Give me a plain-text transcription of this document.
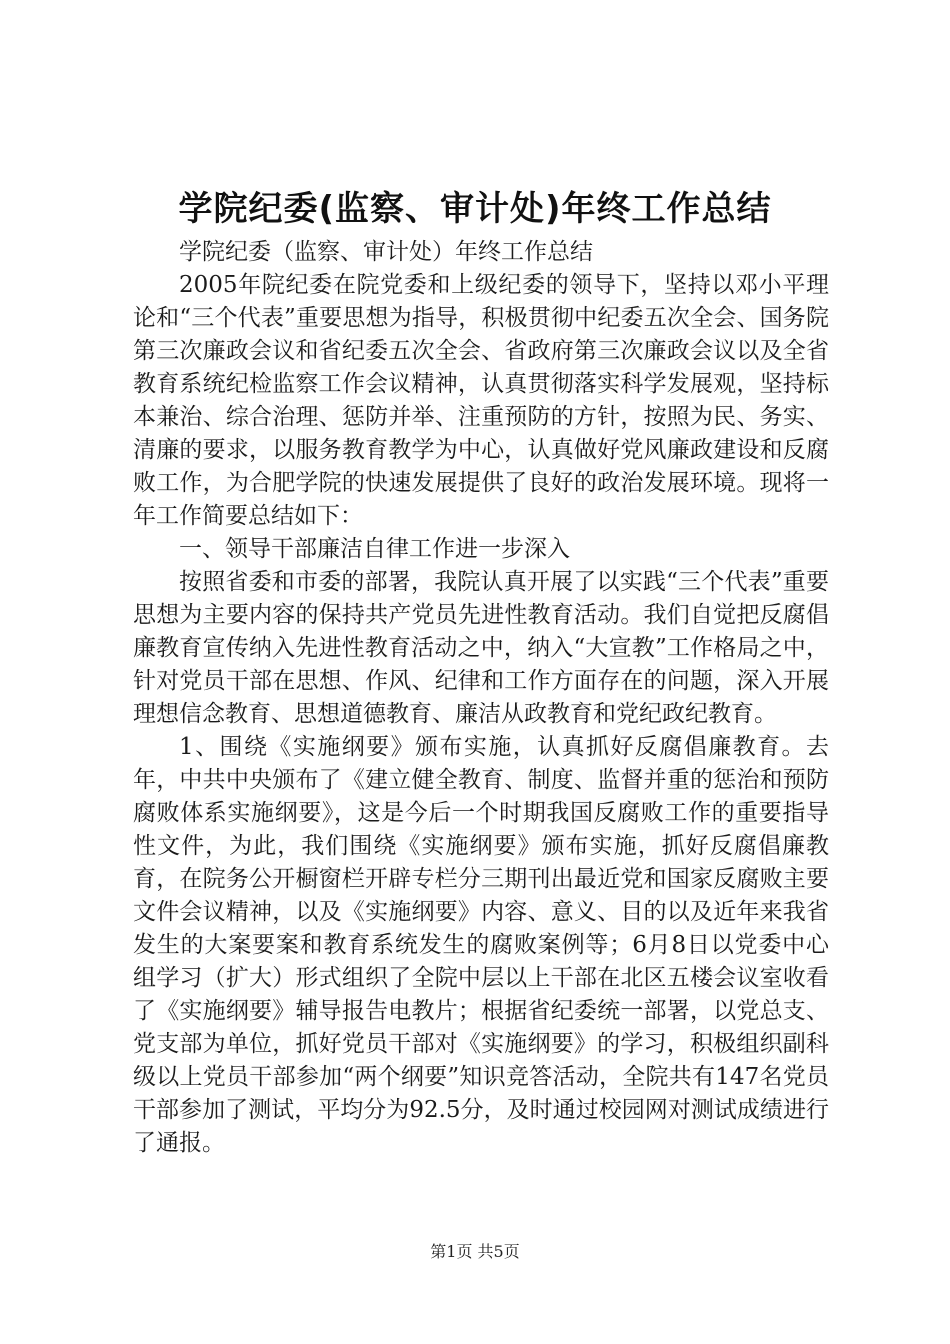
学院纪委(监察、审计处)年终工作总结

学院纪委（监察、审计处）年终工作总结

2005年院纪委在院党委和上级纪委的领导下，坚持以邓小平理论和“三个代表”重要思想为指导，积极贯彻中纪委五次全会、国务院第三次廉政会议和省纪委五次全会、省政府第三次廉政会议以及全省教育系统纪检监察工作会议精神，认真贯彻落实科学发展观，坚持标本兼治、综合治理、惩防并举、注重预防的方针，按照为民、务实、清廉的要求，以服务教育教学为中心，认真做好党风廉政建设和反腐败工作，为合肥学院的快速发展提供了良好的政治发展环境。现将一年工作简要总结如下：

一、领导干部廉洁自律工作进一步深入

按照省委和市委的部署，我院认真开展了以实践“三个代表”重要思想为主要内容的保持共产党员先进性教育活动。我们自觉把反腐倡廉教育宣传纳入先进性教育活动之中，纳入“大宣教”工作格局之中，针对党员干部在思想、作风、纪律和工作方面存在的问题，深入开展理想信念教育、思想道德教育、廉洁从政教育和党纪政纪教育。

1、围绕《实施纲要》颁布实施，认真抓好反腐倡廉教育。去年，中共中央颁布了《建立健全教育、制度、监督并重的惩治和预防腐败体系实施纲要》，这是今后一个时期我国反腐败工作的重要指导性文件，为此，我们围绕《实施纲要》颁布实施，抓好反腐倡廉教育，在院务公开橱窗栏开辟专栏分三期刊出最近党和国家反腐败主要文件会议精神，以及《实施纲要》内容、意义、目的以及近年来我省发生的大案要案和教育系统发生的腐败案例等；6月8日以党委中心组学习（扩大）形式组织了全院中层以上干部在北区五楼会议室收看了《实施纲要》辅导报告电教片；根据省纪委统一部署，以党总支、党支部为单位，抓好党员干部对《实施纲要》的学习，积极组织副科级以上党员干部参加“两个纲要”知识竞答活动，全院共有147名党员干部参加了测试，平均分为92.5分，及时通过校园网对测试成绩进行了通报。

第1页 共5页
